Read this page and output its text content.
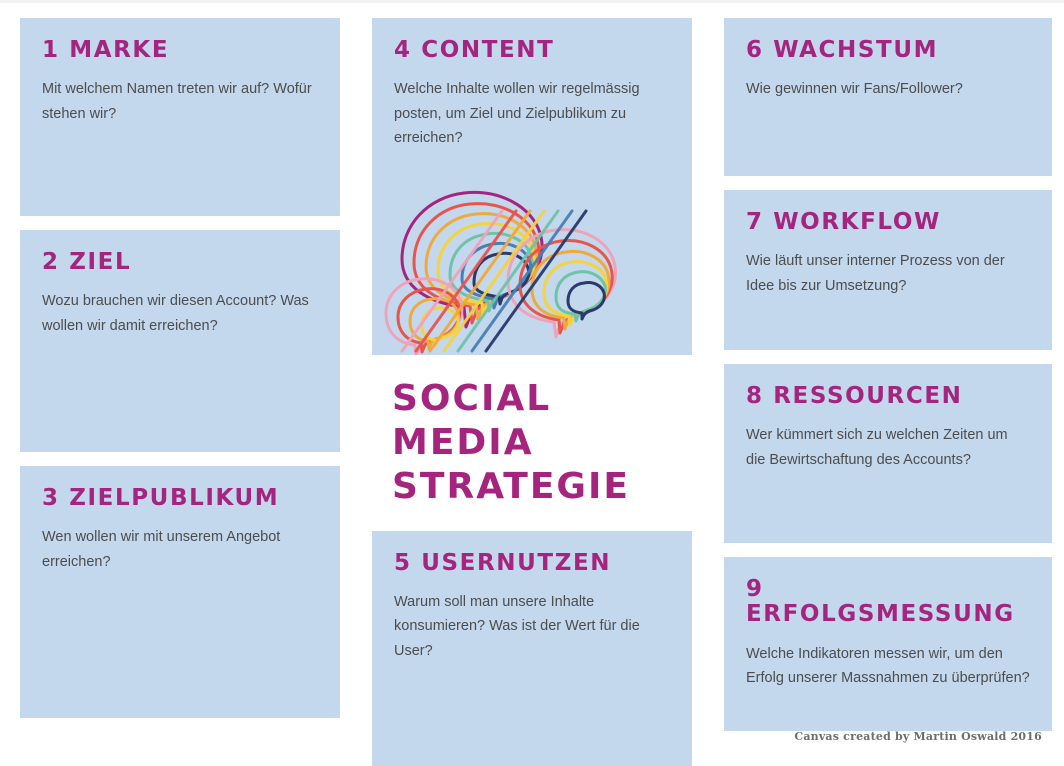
1 MARKE

Mit welchem Namen treten wir auf? Wofür stehen wir?

2 ZIEL

Wozu brauchen wir diesen Account? Was wollen wir damit erreichen?

3 ZIELPUBLIKUM

Wen wollen wir mit unserem Angebot erreichen?

4 CONTENT

Welche Inhalte wollen wir regelmässig posten, um Ziel und Zielpublikum zu erreichen?

SOCIAL MEDIA
STRATEGIE
5 USERNUTZEN

Warum soll man unsere Inhalte konsumieren? Was ist der Wert für die User?

6 WACHSTUM

Wie gewinnen wir Fans/Follower?

7 WORKFLOW

Wie läuft unser interner Prozess von der Idee bis zur Umsetzung?

8 RESSOURCEN

Wer kümmert sich zu welchen Zeiten um die Bewirtschaftung des Accounts?

9 ERFOLGSMESSUNG

Welche Indikatoren messen wir, um den Erfolg unserer Massnahmen zu überprüfen?

Canvas created by Martin Oswald 2016
